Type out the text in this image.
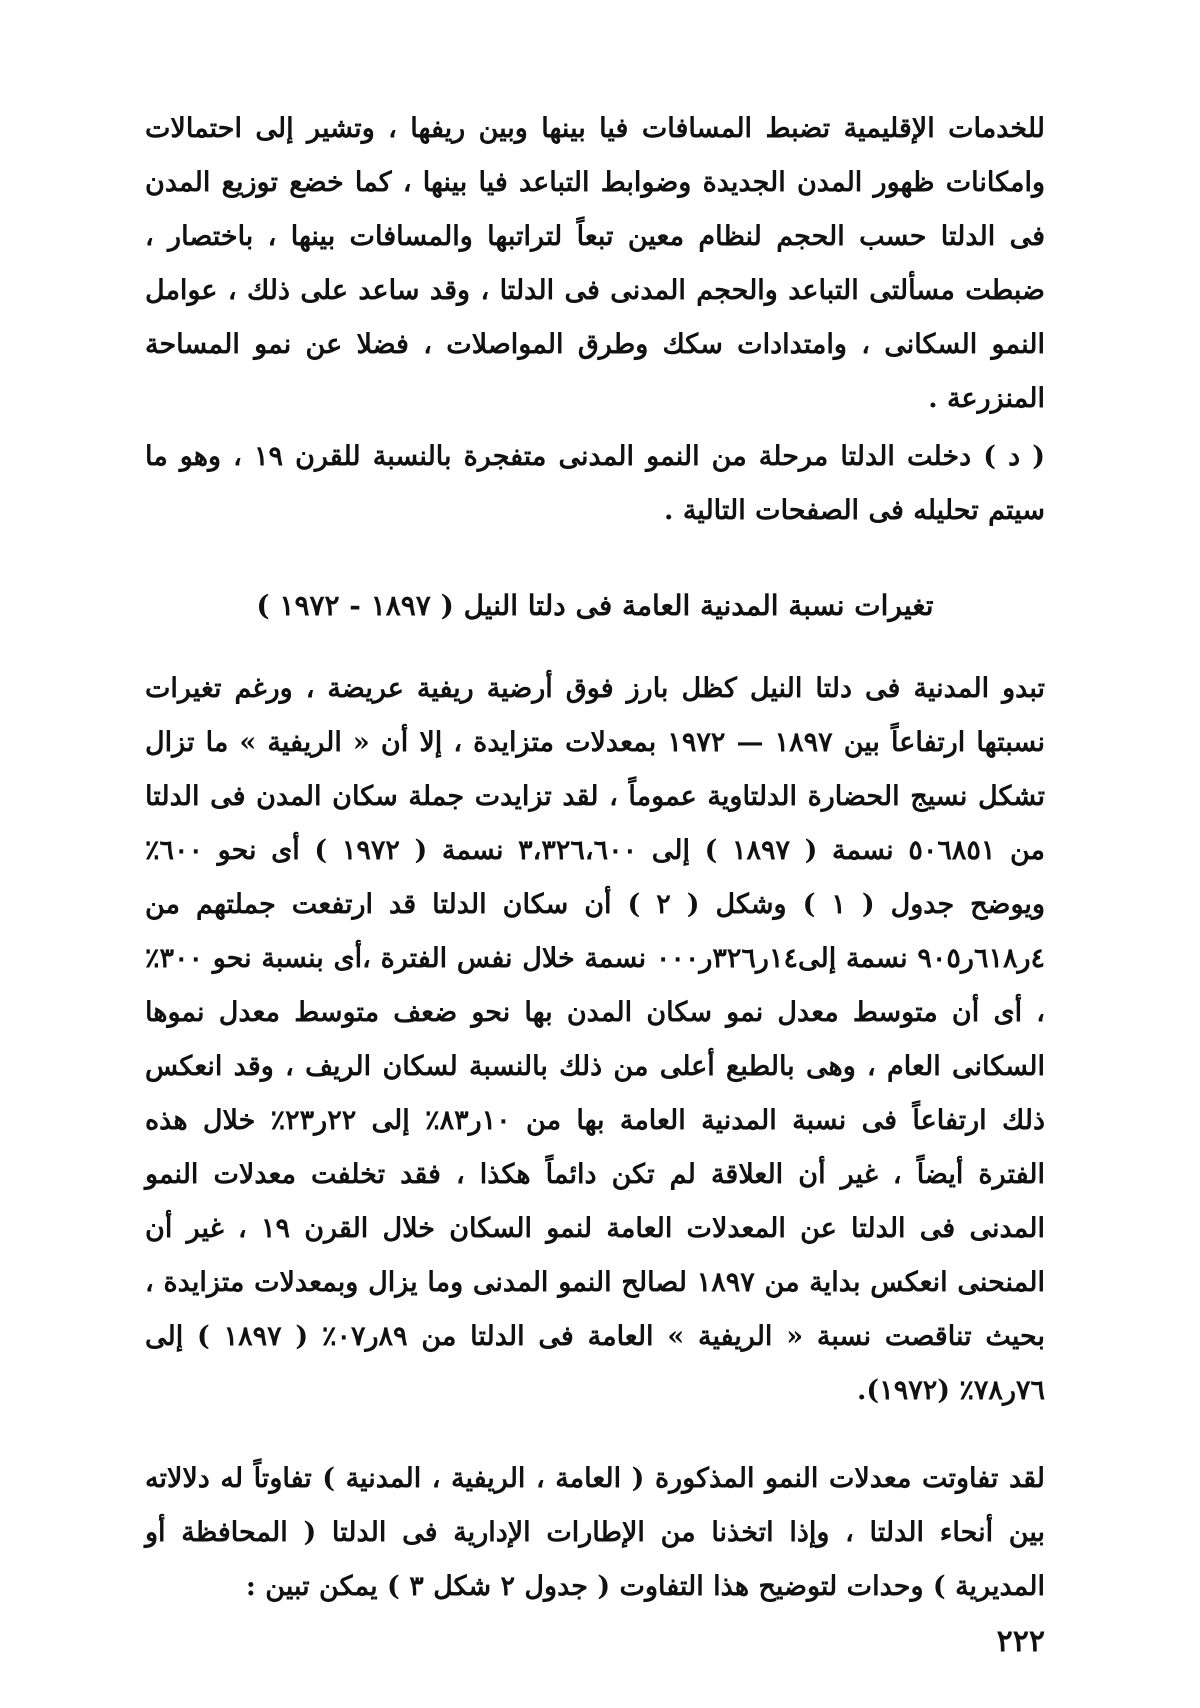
للخدمات الإقليمية تضبط المسافات فيا بينها وبين ريفها ، وتشير إلى احتمالات وامكانات ظهور المدن الجديدة وضوابط التباعد فيا بينها ، كما خضع توزيع المدن فى الدلتا حسب الحجم لنظام معين تبعاً لتراتبها والمسافات بينها ، باختصار ، ضبطت مسألتى التباعد والحجم المدنى فى الدلتا ، وقد ساعد على ذلك ، عوامل النمو السكانى ، وامتدادات سكك وطرق المواصلات ، فضلا عن نمو المساحة المنزرعة .

( د ) دخلت الدلتا مرحلة من النمو المدنى متفجرة بالنسبة للقرن ١٩ ، وهو ما سيتم تحليله فى الصفحات التالية .

تغيرات نسبة المدنية العامة فى دلتا النيل ( ١٨٩٧ - ١٩٧٢ )

تبدو المدنية فى دلتا النيل كظل بارز فوق أرضية ريفية عريضة ، ورغم تغيرات نسبتها ارتفاعاً بين ١٨٩٧ — ١٩٧٢ بمعدلات متزايدة ، إلا أن « الريفية » ما تزال تشكل نسيج الحضارة الدلتاوية عموماً ، لقد تزايدت جملة سكان المدن فى الدلتا من ٥٠٦٨٥١ نسمة ( ١٨٩٧ ) إلى ٣،٣٢٦،٦٠٠ نسمة ( ١٩٧٢ ) أى نحو ٦٠٠٪ ويوضح جدول ( ١ ) وشكل ( ٢ ) أن سكان الدلتا قد ارتفعت جملتهم من ٤ر٦١٨ر٩٠٥ نسمة إلى١٤ر٣٢٦ر٠٠٠ نسمة خلال نفس الفترة ،أى بنسبة نحو ٣٠٠٪ ، أى أن متوسط معدل نمو سكان المدن بها نحو ضعف متوسط معدل نموها السكانى العام ، وهى بالطبع أعلى من ذلك بالنسبة لسكان الريف ، وقد انعكس ذلك ارتفاعاً فى نسبة المدنية العامة بها من ١٠ر٨٣٪ إلى ٢٢ر٢٣٪ خلال هذه الفترة أيضاً ، غير أن العلاقة لم تكن دائماً هكذا ، فقد تخلفت معدلات النمو المدنى فى الدلتا عن المعدلات العامة لنمو السكان خلال القرن ١٩ ، غير أن المنحنى انعكس بداية من ١٨٩٧ لصالح النمو المدنى وما يزال وبمعدلات متزايدة ، بحيث تناقصت نسبة « الريفية » العامة فى الدلتا من ٨٩ر٠٧٪ ( ١٨٩٧ ) إلى ٧٦ر٧٨٪ (١٩٧٢).

لقد تفاوتت معدلات النمو المذكورة ( العامة ، الريفية ، المدنية ) تفاوتاً له دلالاته بين أنحاء الدلتا ، وإذا اتخذنا من الإطارات الإدارية فى الدلتا ( المحافظة أو المديرية ) وحدات لتوضيح هذا التفاوت ( جدول ٢ شكل ٣ ) يمكن تبين :

٢٢٢
